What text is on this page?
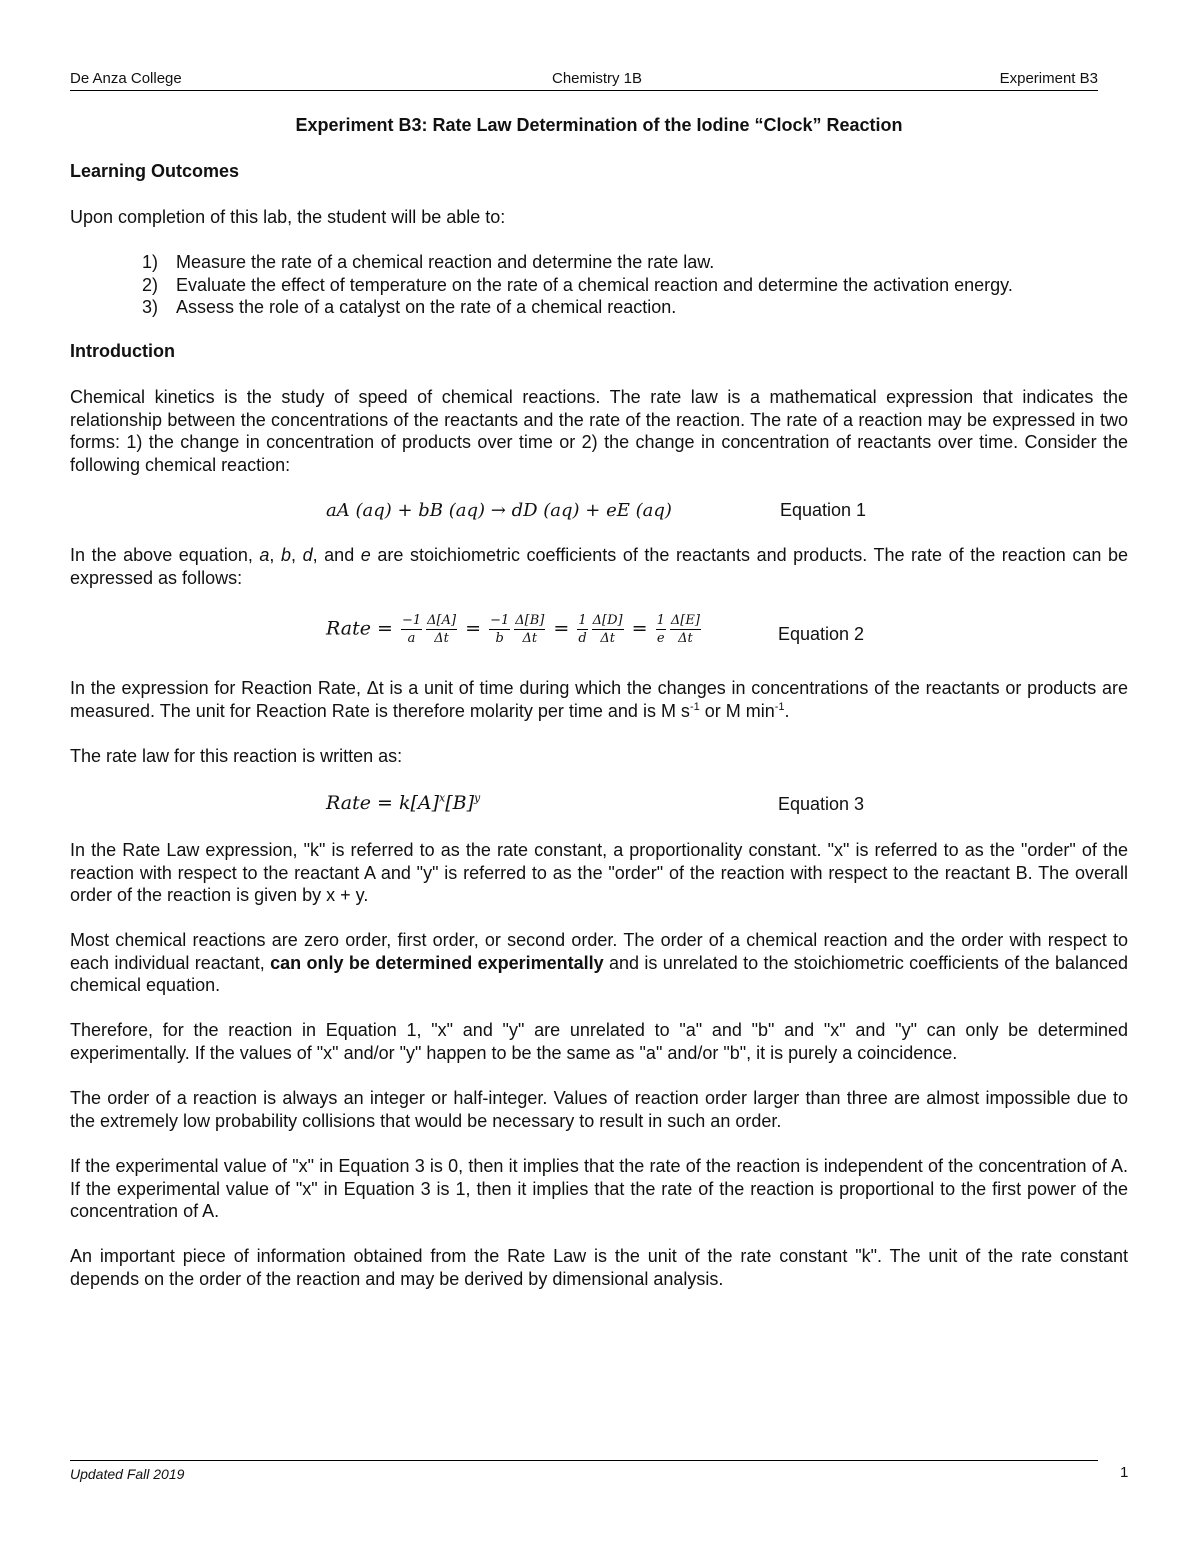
De Anza College	Chemistry 1B	Experiment B3
Experiment B3: Rate Law Determination of the Iodine “Clock” Reaction
Learning Outcomes
Upon completion of this lab, the student will be able to:
1) Measure the rate of a chemical reaction and determine the rate law.
2) Evaluate the effect of temperature on the rate of a chemical reaction and determine the activation energy.
3) Assess the role of a catalyst on the rate of a chemical reaction.
Introduction
Chemical kinetics is the study of speed of chemical reactions. The rate law is a mathematical expression that indicates the relationship between the concentrations of the reactants and the rate of the reaction. The rate of a reaction may be expressed in two forms: 1) the change in concentration of products over time or 2) the change in concentration of reactants over time. Consider the following chemical reaction:
aA (aq) + bB (aq) → dD (aq) + eE (aq)	Equation 1
In the above equation, a, b, d, and e are stoichiometric coefficients of the reactants and products. The rate of the reaction can be expressed as follows:
Rate = $\frac{-1}{a} \frac{\Delta[A]}{\Delta t} = \frac{-1}{b} \frac{\Delta[B]}{\Delta t} = \frac{1}{d} \frac{\Delta[D]}{\Delta t} = \frac{1}{e} \frac{\Delta[E]}{\Delta t}$	Equation 2
In the expression for Reaction Rate, Δt is a unit of time during which the changes in concentrations of the reactants or products are measured. The unit for Reaction Rate is therefore molarity per time and is M $s^{-1}$ or M $\min^{-1}$.
The rate law for this reaction is written as:
Rate = $k[A]^x[B]^y$	Equation 3
In the Rate Law expression, "k" is referred to as the rate constant, a proportionality constant. "x" is referred to as the "order" of the reaction with respect to the reactant A and "y" is referred to as the "order" of the reaction with respect to the reactant B. The overall order of the reaction is given by x + y.
Most chemical reactions are zero order, first order, or second order. The order of a chemical reaction and the order with respect to each individual reactant, can only be determined experimentally and is unrelated to the stoichiometric coefficients of the balanced chemical equation.
Therefore, for the reaction in Equation 1, "x" and "y" are unrelated to "a" and "b" and "x" and "y" can only be determined experimentally. If the values of "x" and/or "y" happen to be the same as "a" and/or "b", it is purely a coincidence.
The order of a reaction is always an integer or half-integer. Values of reaction order larger than three are almost impossible due to the extremely low probability collisions that would be necessary to result in such an order.
If the experimental value of "x" in Equation 3 is 0, then it implies that the rate of the reaction is independent of the concentration of A. If the experimental value of "x" in Equation 3 is 1, then it implies that the rate of the reaction is proportional to the first power of the concentration of A.
An important piece of information obtained from the Rate Law is the unit of the rate constant "k". The unit of the rate constant depends on the order of the reaction and may be derived by dimensional analysis.
Updated Fall 2019	1
